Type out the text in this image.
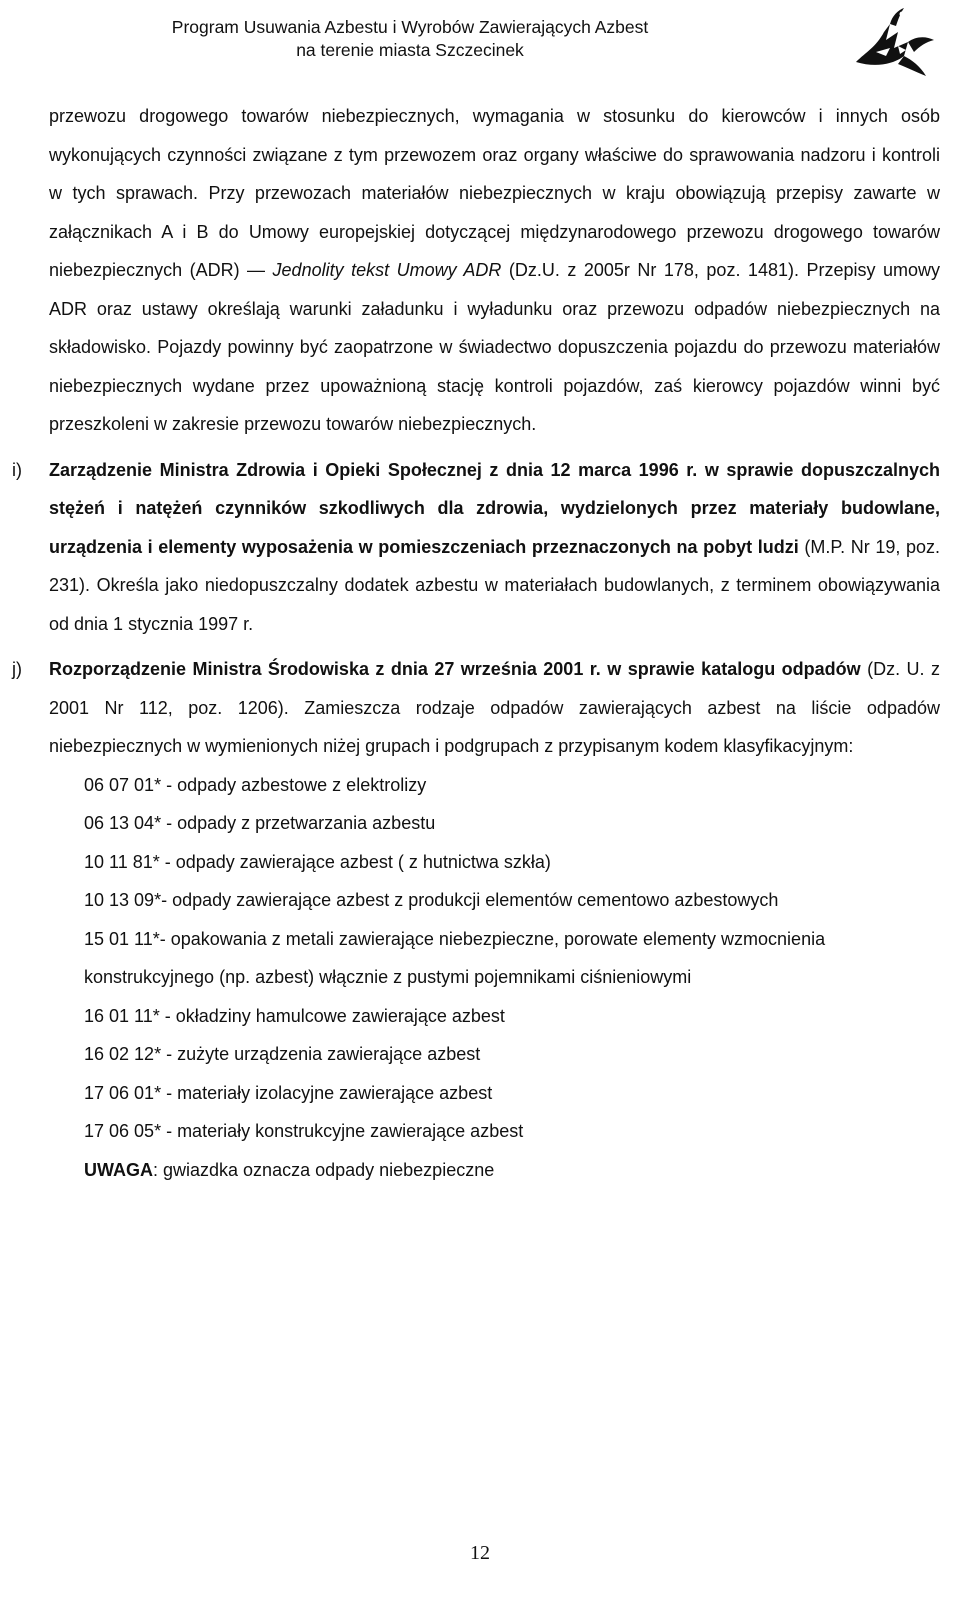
Program Usuwania Azbestu i Wyrobów Zawierających Azbest
na terenie miasta Szczecinek

przewozu drogowego towarów niebezpiecznych, wymagania w stosunku do kierowców i innych osób wykonujących czynności związane z tym przewozem oraz organy właściwe do sprawowania nadzoru i kontroli w tych sprawach. Przy przewozach materiałów niebezpiecznych w kraju obowiązują przepisy zawarte w załącznikach A i B do Umowy europejskiej dotyczącej międzynarodowego przewozu drogowego towarów niebezpiecznych (ADR) — Jednolity tekst Umowy ADR (Dz.U. z 2005r Nr 178, poz. 1481). Przepisy umowy ADR oraz ustawy określają warunki załadunku i wyładunku oraz przewozu odpadów niebezpiecznych na składowisko. Pojazdy powinny być zaopatrzone w świadectwo dopuszczenia pojazdu do przewozu materiałów niebezpiecznych wydane przez upoważnioną stację kontroli pojazdów, zaś kierowcy pojazdów winni być przeszkoleni w zakresie przewozu towarów niebezpiecznych.

i) Zarządzenie Ministra Zdrowia i Opieki Społecznej z dnia 12 marca 1996 r. w sprawie dopuszczalnych stężeń i natężeń czynników szkodliwych dla zdrowia, wydzielonych przez materiały budowlane, urządzenia i elementy wyposażenia w pomieszczeniach przeznaczonych na pobyt ludzi (M.P. Nr 19, poz. 231). Określa jako niedopuszczalny dodatek azbestu w materiałach budowlanych, z terminem obowiązywania od dnia 1 stycznia 1997 r.

j) Rozporządzenie Ministra Środowiska z dnia 27 września 2001 r. w sprawie katalogu odpadów (Dz. U. z 2001 Nr 112, poz. 1206). Zamieszcza rodzaje odpadów zawierających azbest na liście odpadów niebezpiecznych w wymienionych niżej grupach i podgrupach z przypisanym kodem klasyfikacyjnym:

06 07 01* - odpady azbestowe z elektrolizy

06 13 04* - odpady z przetwarzania azbestu

10 11 81* - odpady zawierające azbest ( z hutnictwa szkła)

10 13 09*- odpady zawierające azbest z produkcji elementów cementowo azbestowych

15 01 11*- opakowania z metali zawierające niebezpieczne, porowate elementy wzmocnienia konstrukcyjnego (np. azbest) włącznie z pustymi pojemnikami ciśnieniowymi

16 01 11* - okładziny hamulcowe zawierające azbest

16 02 12* - zużyte urządzenia zawierające azbest

17 06 01* - materiały izolacyjne zawierające azbest

17 06 05* - materiały konstrukcyjne zawierające azbest

UWAGA: gwiazdka oznacza odpady niebezpieczne

12
